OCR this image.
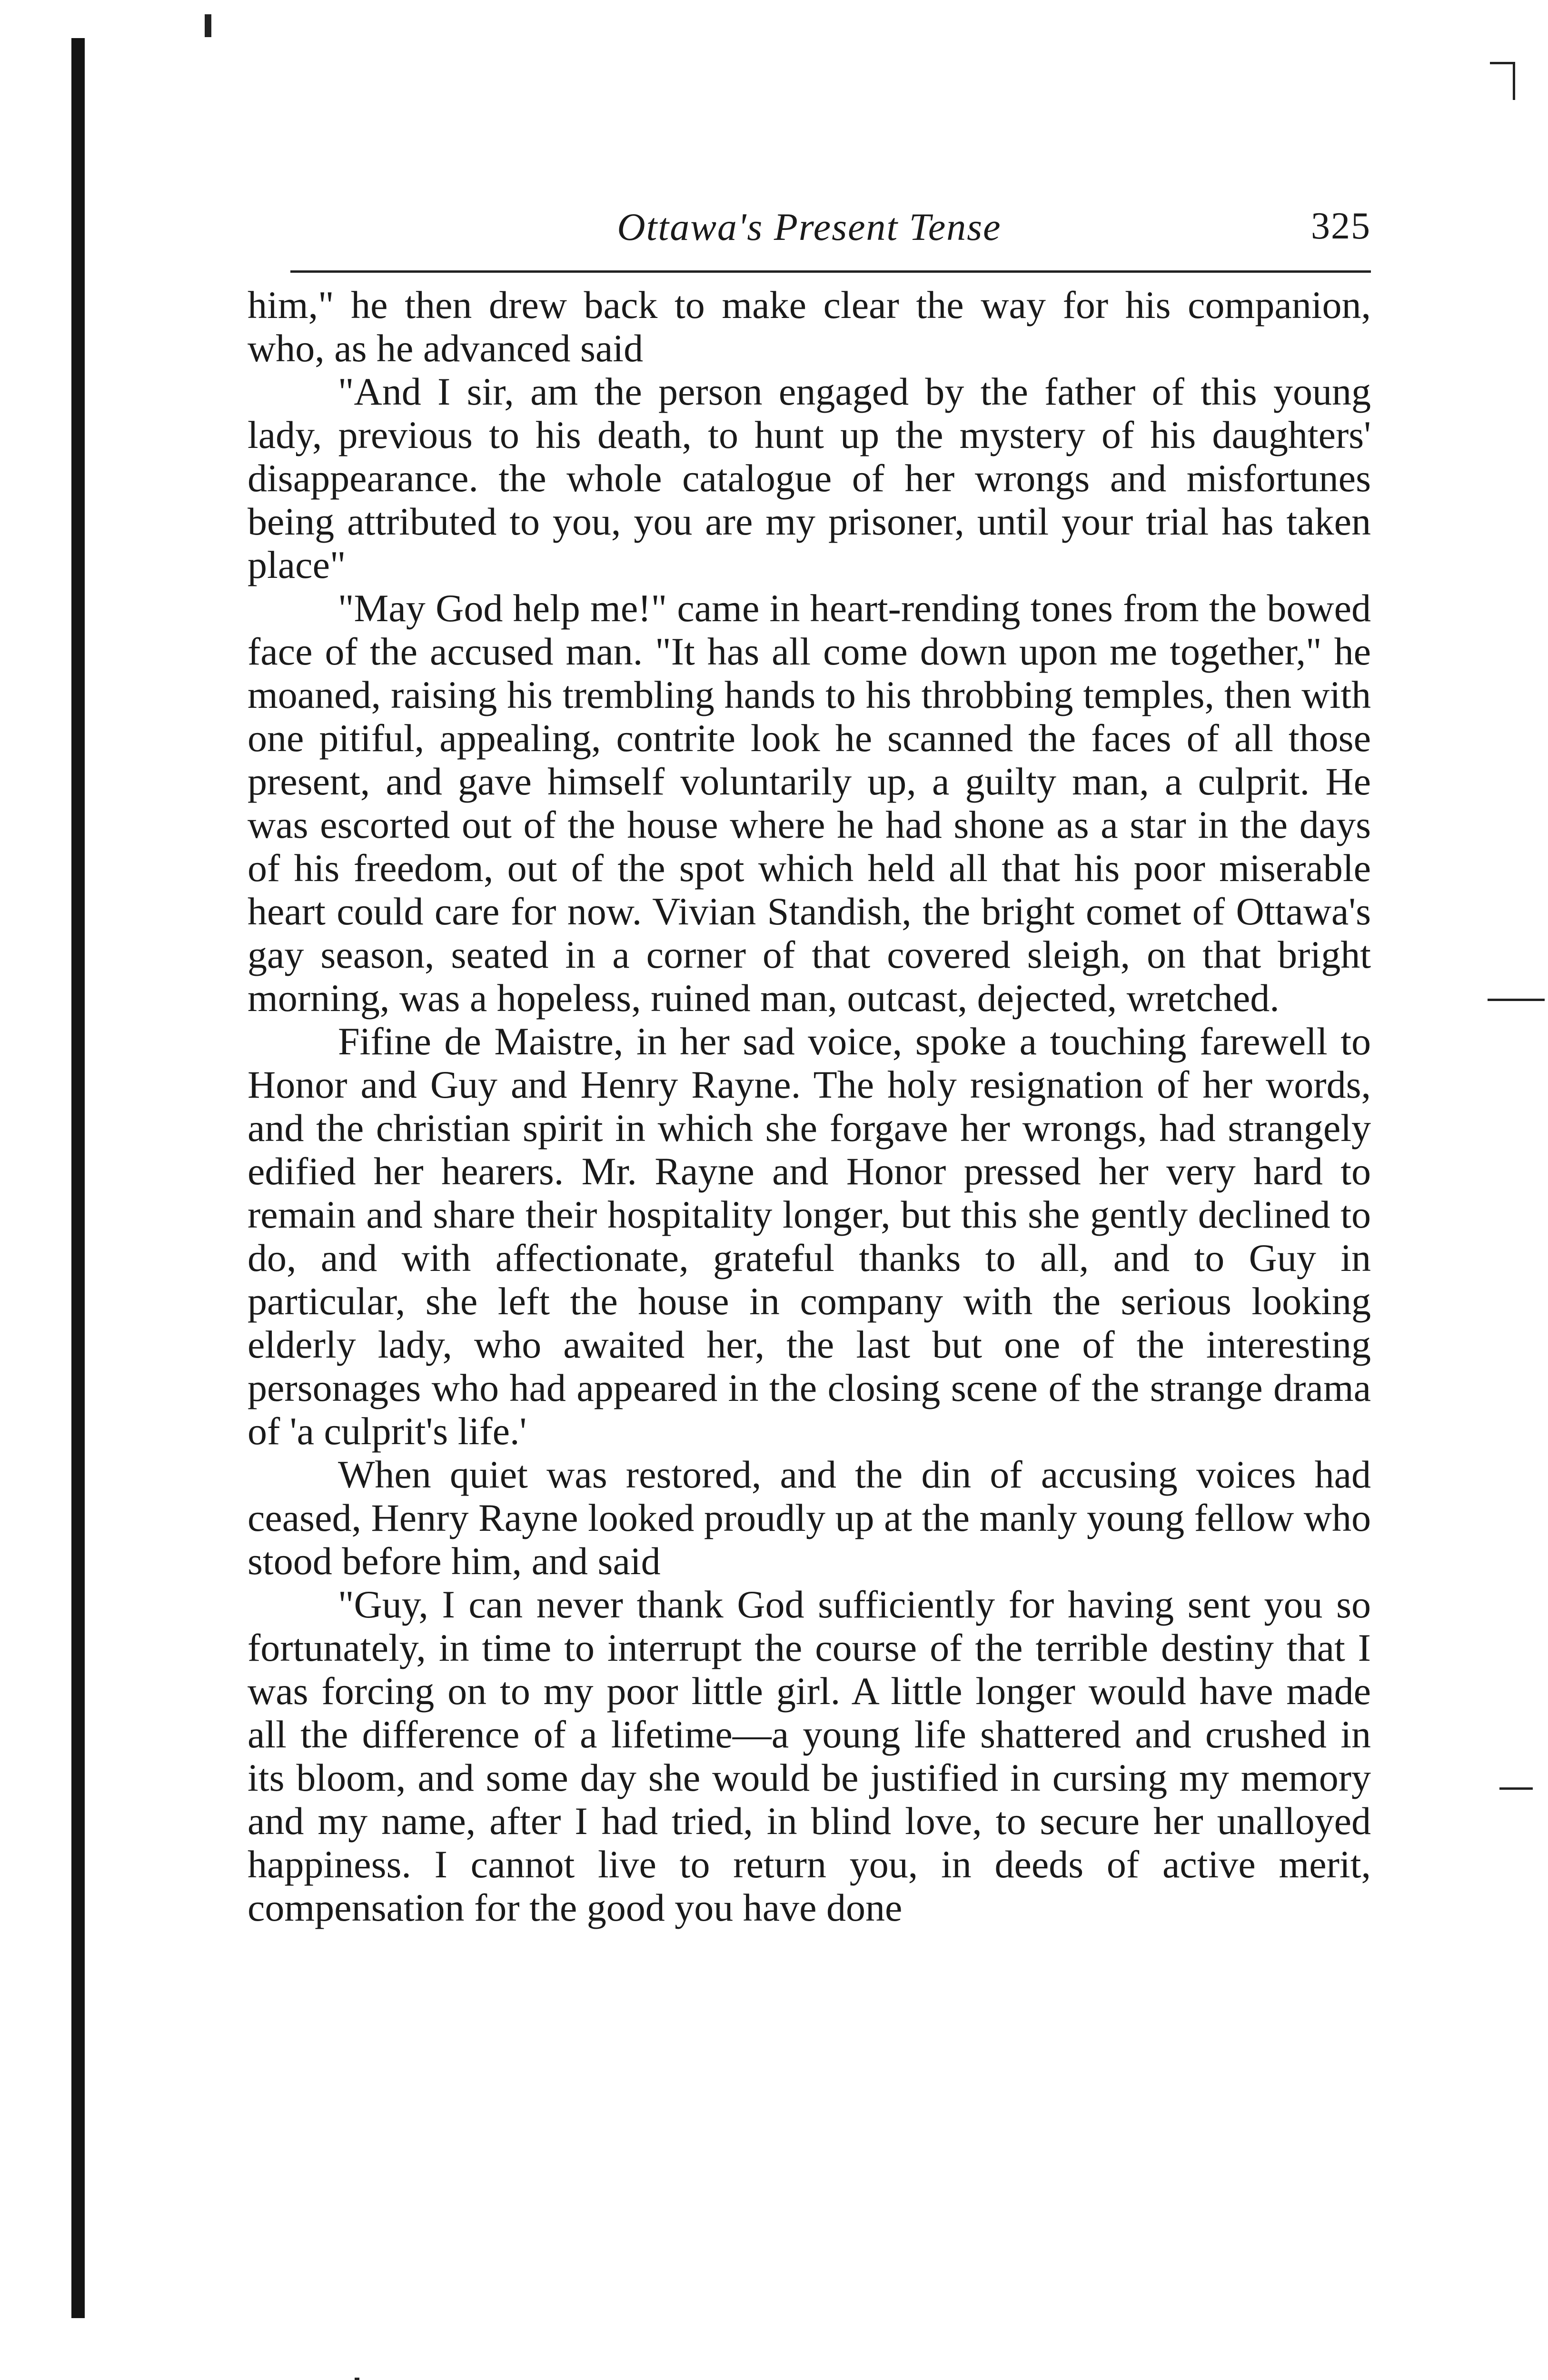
Ottawa's Present Tense	325

him," he then drew back to make clear the way for his companion, who, as he advanced said

"And I sir, am the person engaged by the father of this young lady, previous to his death, to hunt up the mystery of his daughters' disappearance. the whole catalogue of her wrongs and misfortunes being attributed to you, you are my prisoner, until your trial has taken place"

"May God help me!" came in heart-rending tones from the bowed face of the accused man. "It has all come down upon me together," he moaned, raising his trembling hands to his throbbing temples, then with one pitiful, appealing, contrite look he scanned the faces of all those present, and gave himself voluntarily up, a guilty man, a culprit. He was escorted out of the house where he had shone as a star in the days of his freedom, out of the spot which held all that his poor miserable heart could care for now. Vivian Standish, the bright comet of Ottawa's gay season, seated in a corner of that covered sleigh, on that bright morning, was a hopeless, ruined man, outcast, dejected, wretched.

Fifine de Maistre, in her sad voice, spoke a touching farewell to Honor and Guy and Henry Rayne. The holy resignation of her words, and the christian spirit in which she forgave her wrongs, had strangely edified her hearers. Mr. Rayne and Honor pressed her very hard to remain and share their hospitality longer, but this she gently declined to do, and with affectionate, grateful thanks to all, and to Guy in particular, she left the house in company with the serious looking elderly lady, who awaited her, the last but one of the interesting personages who had appeared in the closing scene of the strange drama of 'a culprit's life.'

When quiet was restored, and the din of accusing voices had ceased, Henry Rayne looked proudly up at the manly young fellow who stood before him, and said

"Guy, I can never thank God sufficiently for having sent you so fortunately, in time to interrupt the course of the terrible destiny that I was forcing on to my poor little girl. A little longer would have made all the difference of a lifetime—a young life shattered and crushed in its bloom, and some day she would be justified in cursing my memory and my name, after I had tried, in blind love, to secure her unalloyed happiness. I cannot live to return you, in deeds of active merit, compensation for the good you have done
